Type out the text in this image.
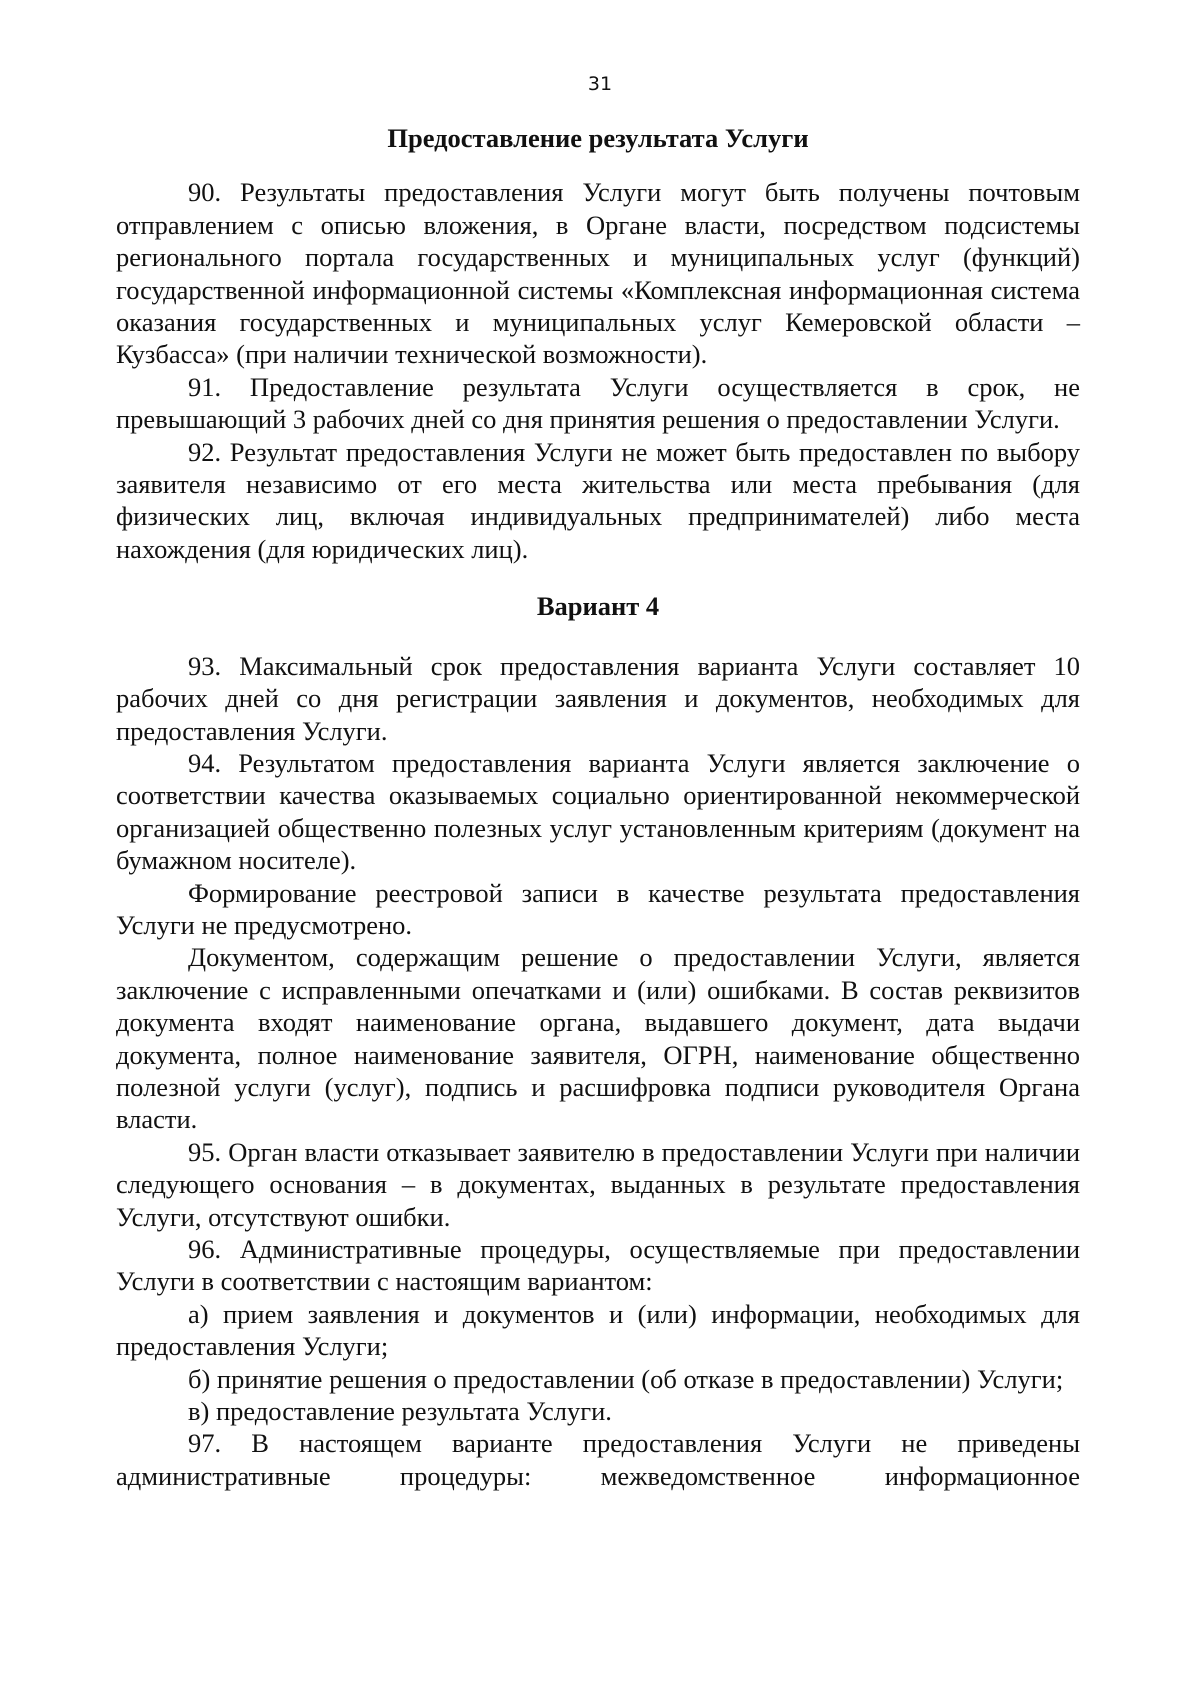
31

Предоставление результата Услуги

90. Результаты предоставления Услуги могут быть получены почтовым отправлением с описью вложения, в Органе власти, посредством подсистемы регионального портала государственных и муниципальных услуг (функций) государственной информационной системы «Комплексная информационная система оказания государственных и муниципальных услуг Кемеровской области – Кузбасса» (при наличии технической возможности).

91. Предоставление результата Услуги осуществляется в срок, не превышающий 3 рабочих дней со дня принятия решения о предоставлении Услуги.

92. Результат предоставления Услуги не может быть предоставлен по выбору заявителя независимо от его места жительства или места пребывания (для физических лиц, включая индивидуальных предпринимателей) либо места нахождения (для юридических лиц).

Вариант 4

93. Максимальный срок предоставления варианта Услуги составляет 10 рабочих дней со дня регистрации заявления и документов, необходимых для предоставления Услуги.

94. Результатом предоставления варианта Услуги является заключение о соответствии качества оказываемых социально ориентированной некоммерческой организацией общественно полезных услуг установленным критериям (документ на бумажном носителе).

Формирование реестровой записи в качестве результата предоставления Услуги не предусмотрено.

Документом, содержащим решение о предоставлении Услуги, является заключение с исправленными опечатками и (или) ошибками. В состав реквизитов документа входят наименование органа, выдавшего документ, дата выдачи документа, полное наименование заявителя, ОГРН, наименование общественно полезной услуги (услуг), подпись и расшифровка подписи руководителя Органа власти.

95. Орган власти отказывает заявителю в предоставлении Услуги при наличии следующего основания – в документах, выданных в результате предоставления Услуги, отсутствуют ошибки.

96. Административные процедуры, осуществляемые при предоставлении Услуги в соответствии с настоящим вариантом:

а) прием заявления и документов и (или) информации, необходимых для предоставления Услуги;

б) принятие решения о предоставлении (об отказе в предоставлении) Услуги;

в) предоставление результата Услуги.

97. В настоящем варианте предоставления Услуги не приведены административные процедуры: межведомственное информационное
